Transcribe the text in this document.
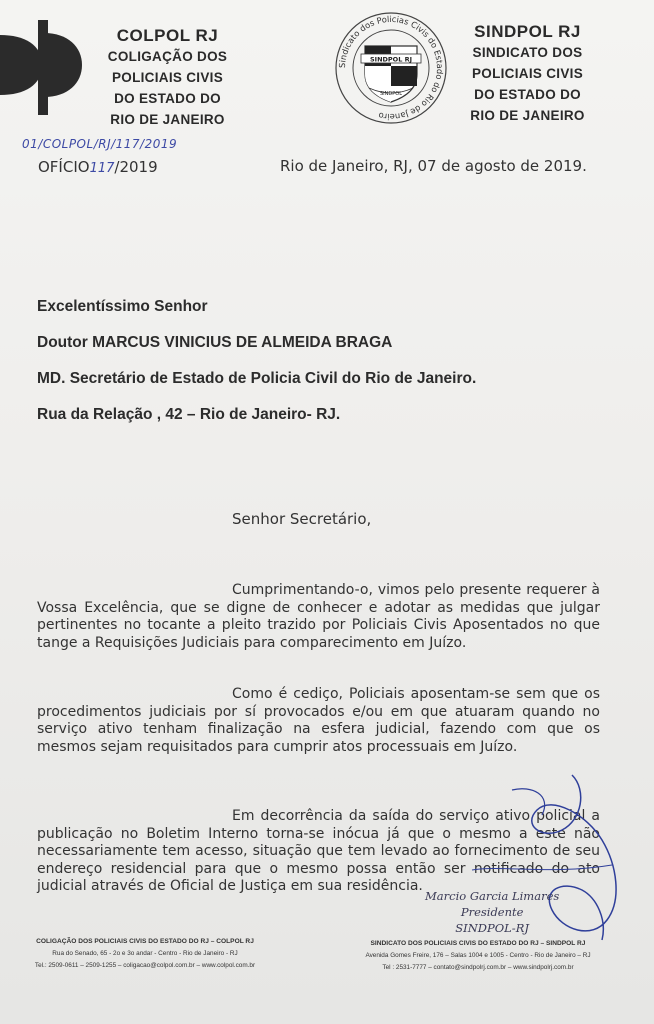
COLPOL RJ
COLIGAÇÃO DOS
POLICIAIS CIVIS
DO ESTADO DO
RIO DE JANEIRO
Sindicato dos Policias Civis do Estado do Rio de Janeiro
SINDPOL RJ
SINDPOL
SINDPOL RJ
SINDICATO DOS
POLICIAIS CIVIS
DO ESTADO DO
RIO DE JANEIRO
01/COLPOL/RJ/117/2019
OFÍCIO117/2019	Rio de Janeiro, RJ, 07 de agosto de 2019.
Excelentíssimo Senhor
Doutor MARCUS VINICIUS DE ALMEIDA BRAGA
MD. Secretário de Estado de Policia Civil do Rio de Janeiro.
Rua da Relação , 42 – Rio de Janeiro- RJ.
Senhor Secretário,
Cumprimentando-o, vimos pelo presente requerer à Vossa Excelência, que se digne de conhecer e adotar as medidas que julgar pertinentes no tocante a pleito trazido por Policiais Civis Aposentados no que tange a Requisições Judiciais para comparecimento em Juízo.
Como é cediço, Policiais aposentam-se sem que os procedimentos judiciais por sí provocados e/ou em que atuaram quando no serviço ativo tenham finalização na esfera judicial, fazendo com que os mesmos sejam requisitados para cumprir atos processuais em Juízo.
Em decorrência da saída do serviço ativo policial a publicação no Boletim Interno torna-se inócua já que o mesmo a este não necessariamente tem acesso, situação que tem levado ao fornecimento de seu endereço residencial para que o mesmo possa então ser notificado do ato judicial através de Oficial de Justiça em sua residência.
Marcio Garcia Limares
Presidente
SINDPOL-RJ
COLIGAÇÃO DOS POLICIAIS CIVIS DO ESTADO DO RJ – COLPOL RJ
Rua do Senado, 65 - 2o e 3o andar - Centro - Rio de Janeiro - RJ
Tel.: 2509-0611 – 2509-1255 – coligacao@colpol.com.br – www.colpol.com.br
SINDICATO DOS POLICIAIS CIVIS DO ESTADO DO RJ – SINDPOL RJ
Avenida Gomes Freire, 176 – Salas 1004 e 1005 - Centro - Rio de Janeiro – RJ
Tel : 2531-7777 – contato@sindpolrj.com.br – www.sindpolrj.com.br
